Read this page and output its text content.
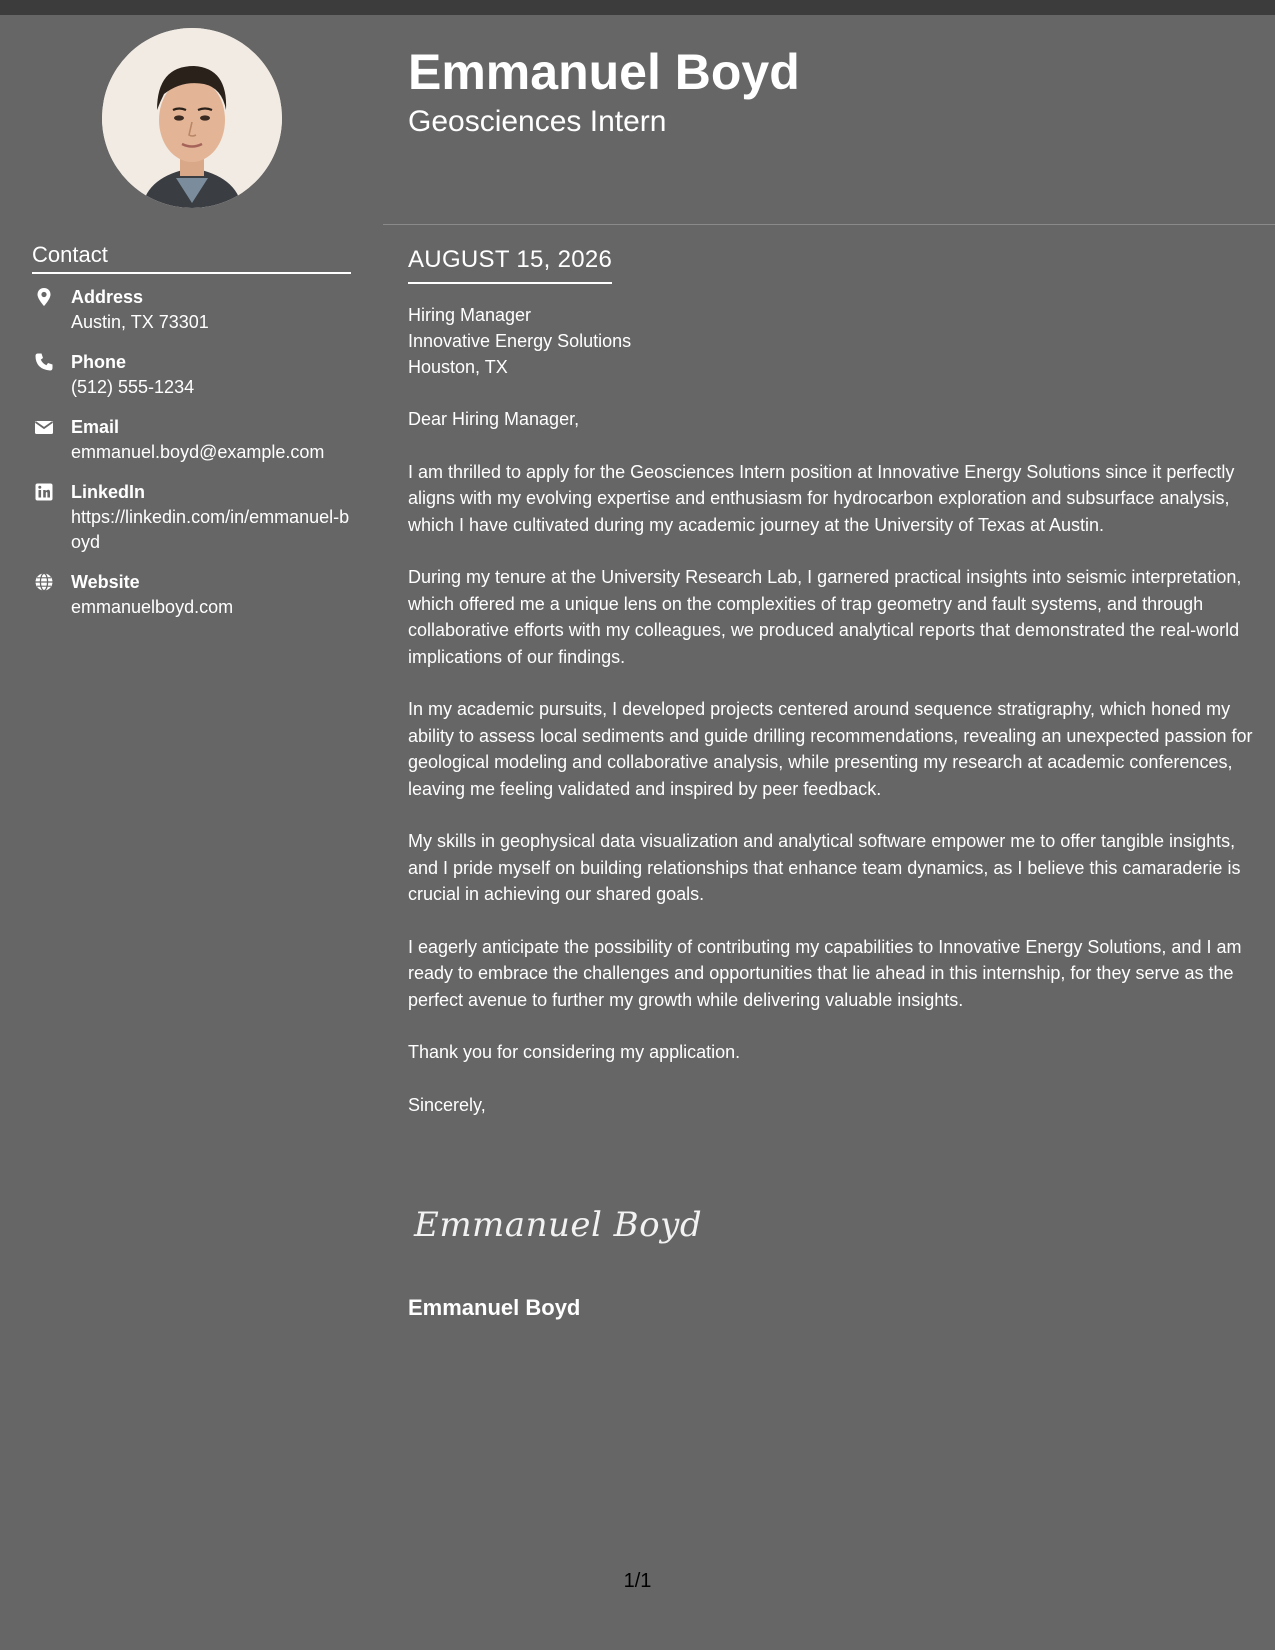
Emmanuel Boyd
Geosciences Intern
Contact
Address
Austin, TX 73301
Phone
(512) 555-1234
Email
emmanuel.boyd@example.com
LinkedIn
https://linkedin.com/in/emmanuel-boyd
Website
emmanuelboyd.com
AUGUST 15, 2026
Hiring Manager
Innovative Energy Solutions
Houston, TX

Dear Hiring Manager,

I am thrilled to apply for the Geosciences Intern position at Innovative Energy Solutions since it perfectly aligns with my evolving expertise and enthusiasm for hydrocarbon exploration and subsurface analysis, which I have cultivated during my academic journey at the University of Texas at Austin.

During my tenure at the University Research Lab, I garnered practical insights into seismic interpretation, which offered me a unique lens on the complexities of trap geometry and fault systems, and through collaborative efforts with my colleagues, we produced analytical reports that demonstrated the real-world implications of our findings.

In my academic pursuits, I developed projects centered around sequence stratigraphy, which honed my ability to assess local sediments and guide drilling recommendations, revealing an unexpected passion for geological modeling and collaborative analysis, while presenting my research at academic conferences, leaving me feeling validated and inspired by peer feedback.

My skills in geophysical data visualization and analytical software empower me to offer tangible insights, and I pride myself on building relationships that enhance team dynamics, as I believe this camaraderie is crucial in achieving our shared goals.

I eagerly anticipate the possibility of contributing my capabilities to Innovative Energy Solutions, and I am ready to embrace the challenges and opportunities that lie ahead in this internship, for they serve as the perfect avenue to further my growth while delivering valuable insights.

Thank you for considering my application.

Sincerely,

Emmanuel Boyd
Emmanuel Boyd
1/1
